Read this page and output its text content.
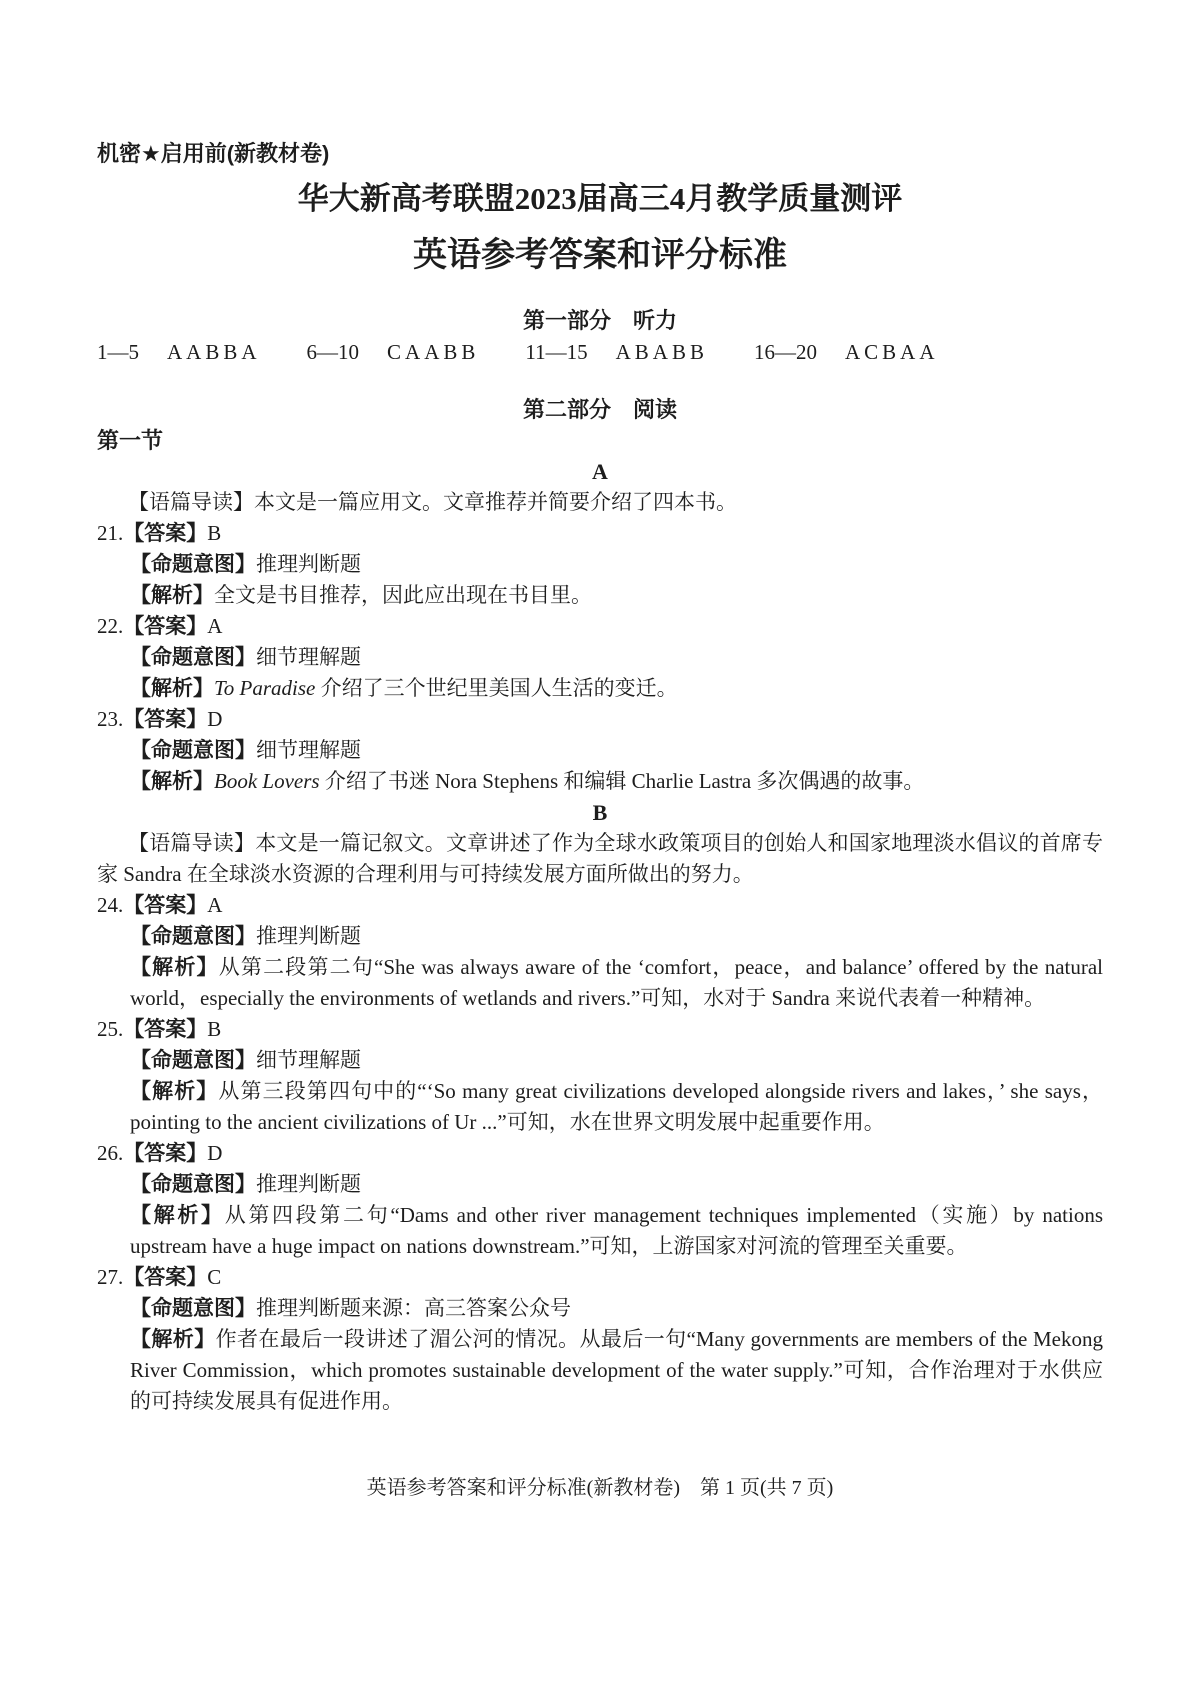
机密★启用前(新教材卷)
华大新高考联盟2023届高三4月教学质量测评
英语参考答案和评分标准
第一部分　听力
1—5 AABBA 6—10 CAABB 11—15 ABABB 16—20 ACBAA
第二部分　阅读
第一节
A

【语篇导读】本文是一篇应用文。文章推荐并简要介绍了四本书。

21.【答案】B
【命题意图】推理判断题
【解析】全文是书目推荐，因此应出现在书目里。
22.【答案】A
【命题意图】细节理解题
【解析】To Paradise 介绍了三个世纪里美国人生活的变迁。
23.【答案】D
【命题意图】细节理解题
【解析】Book Lovers 介绍了书迷 Nora Stephens 和编辑 Charlie Lastra 多次偶遇的故事。
B

【语篇导读】本文是一篇记叙文。文章讲述了作为全球水政策项目的创始人和国家地理淡水倡议的首席专家 Sandra 在全球淡水资源的合理利用与可持续发展方面所做出的努力。

24.【答案】A
【命题意图】推理判断题
【解析】从第二段第二句“She was always aware of the ‘comfort，peace，and balance’ offered by the natural world，especially the environments of wetlands and rivers.”可知，水对于 Sandra 来说代表着一种精神。
25.【答案】B
【命题意图】细节理解题
【解析】从第三段第四句中的“‘So many great civilizations developed alongside rivers and lakes，’ she says，pointing to the ancient civilizations of Ur ...”可知，水在世界文明发展中起重要作用。
26.【答案】D
【命题意图】推理判断题
【解析】从第四段第二句“Dams and other river management techniques implemented（实施）by nations upstream have a huge impact on nations downstream.”可知，上游国家对河流的管理至关重要。
27.【答案】C
【命题意图】推理判断题来源：高三答案公众号
【解析】作者在最后一段讲述了湄公河的情况。从最后一句“Many governments are members of the Mekong River Commission，which promotes sustainable development of the water supply.”可知，合作治理对于水供应的可持续发展具有促进作用。
英语参考答案和评分标准(新教材卷)　第 1 页(共 7 页)
